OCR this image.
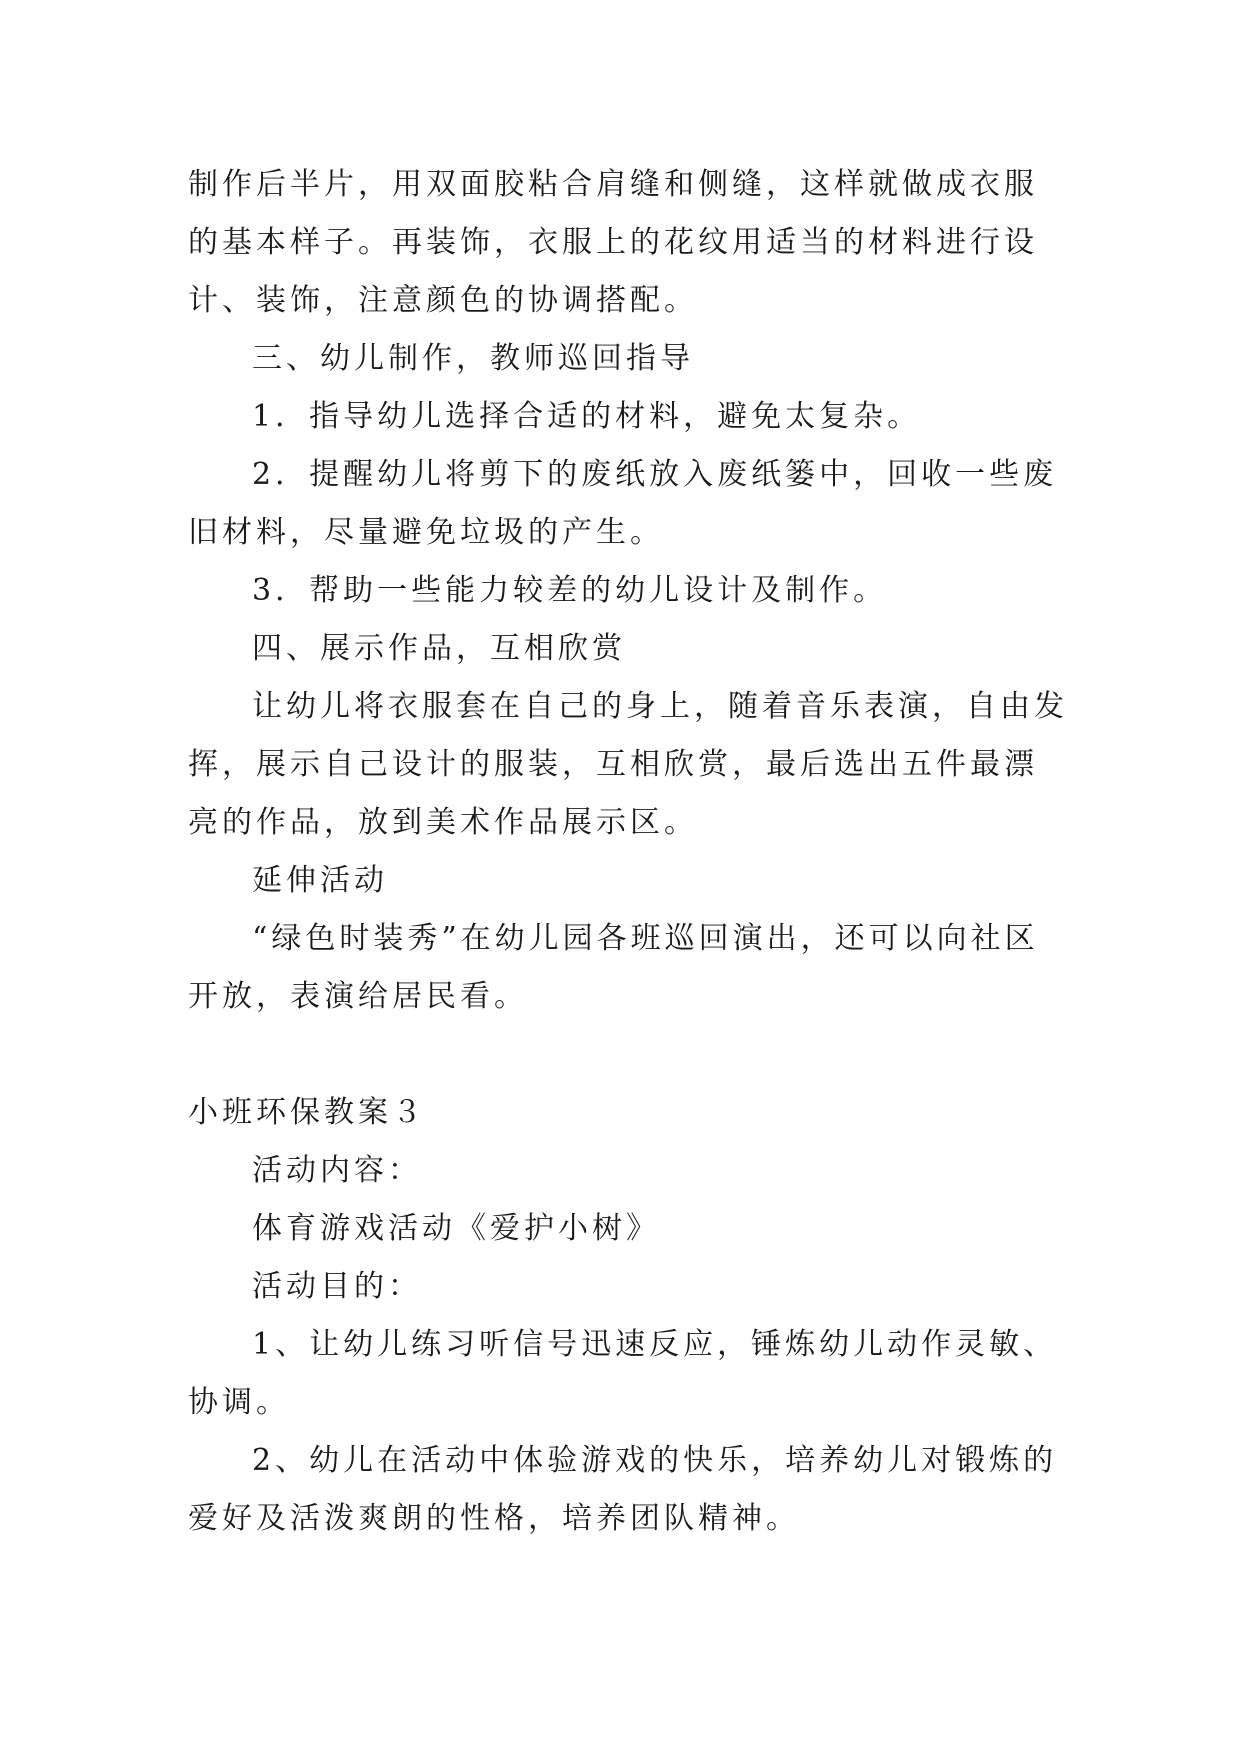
制作后半片，用双面胶粘合肩缝和侧缝，这样就做成衣服的基本样子。再装饰，衣服上的花纹用适当的材料进行设计、装饰，注意颜色的协调搭配。

三、幼儿制作，教师巡回指导

1．指导幼儿选择合适的材料，避免太复杂。

2．提醒幼儿将剪下的废纸放入废纸篓中，回收一些废旧材料，尽量避免垃圾的产生。

3．帮助一些能力较差的幼儿设计及制作。

四、展示作品，互相欣赏

让幼儿将衣服套在自己的身上，随着音乐表演，自由发挥，展示自己设计的服装，互相欣赏，最后选出五件最漂亮的作品，放到美术作品展示区。

延伸活动

“绿色时装秀”在幼儿园各班巡回演出，还可以向社区开放，表演给居民看。

小班环保教案３

活动内容：

体育游戏活动《爱护小树》

活动目的：

1、让幼儿练习听信号迅速反应，锤炼幼儿动作灵敏、协调。

2、幼儿在活动中体验游戏的快乐，培养幼儿对锻炼的爱好及活泼爽朗的性格，培养团队精神。
